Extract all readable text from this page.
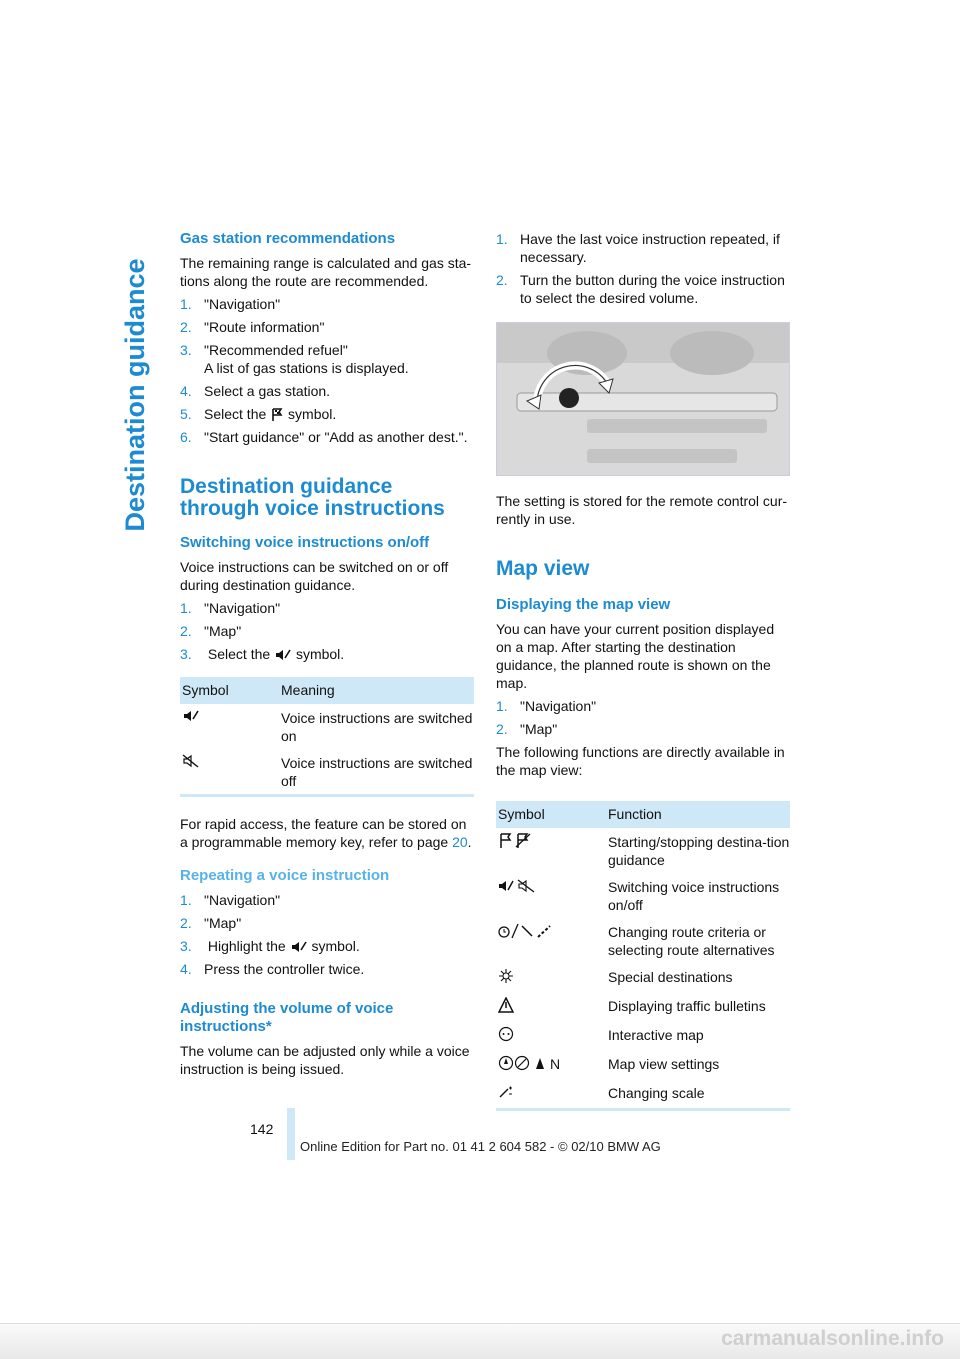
Destination guidance
Gas station recommendations

The remaining range is calculated and gas sta-tions along the route are recommended.

1. "Navigation"
2. "Route information"
3. "Recommended refuel"
A list of gas stations is displayed.
4. Select a gas station.
5. Select the symbol.
6. "Start guidance" or "Add as another dest.".
Destination guidance through voice instructions
Switching voice instructions on/off

Voice instructions can be switched on or off during destination guidance.

1. "Navigation"
2. "Map"
3.	Select the symbol.
Symbol	Meaning
	Voice instructions are switched on
	Voice instructions are switched off

For rapid access, the feature can be stored on a programmable memory key, refer to page 20.

Repeating a voice instruction
1. "Navigation"
2. "Map"
3.	Highlight the symbol.
4. Press the controller twice.
Adjusting the volume of voice instructions*

The volume can be adjusted only while a voice instruction is being issued.

1. Have the last voice instruction repeated, if necessary.
2. Turn the button during the voice instruction to select the desired volume.

The setting is stored for the remote control cur-rently in use.

Map view
Displaying the map view

You can have your current position displayed on a map. After starting the destination guidance, the planned route is shown on the map.

1. "Navigation"
2. "Map"

The following functions are directly available in the map view:

Symbol	Function
	Starting/stopping destina-tion guidance
	Switching voice instructions on/off
	Changing route criteria or selecting route alternatives
	Special destinations
	Displaying traffic bulletins
	Interactive map

N	Map view settings
	Changing scale
142
Online Edition for Part no. 01 41 2 604 582 - © 02/10 BMW AG
carmanualsonline.info
